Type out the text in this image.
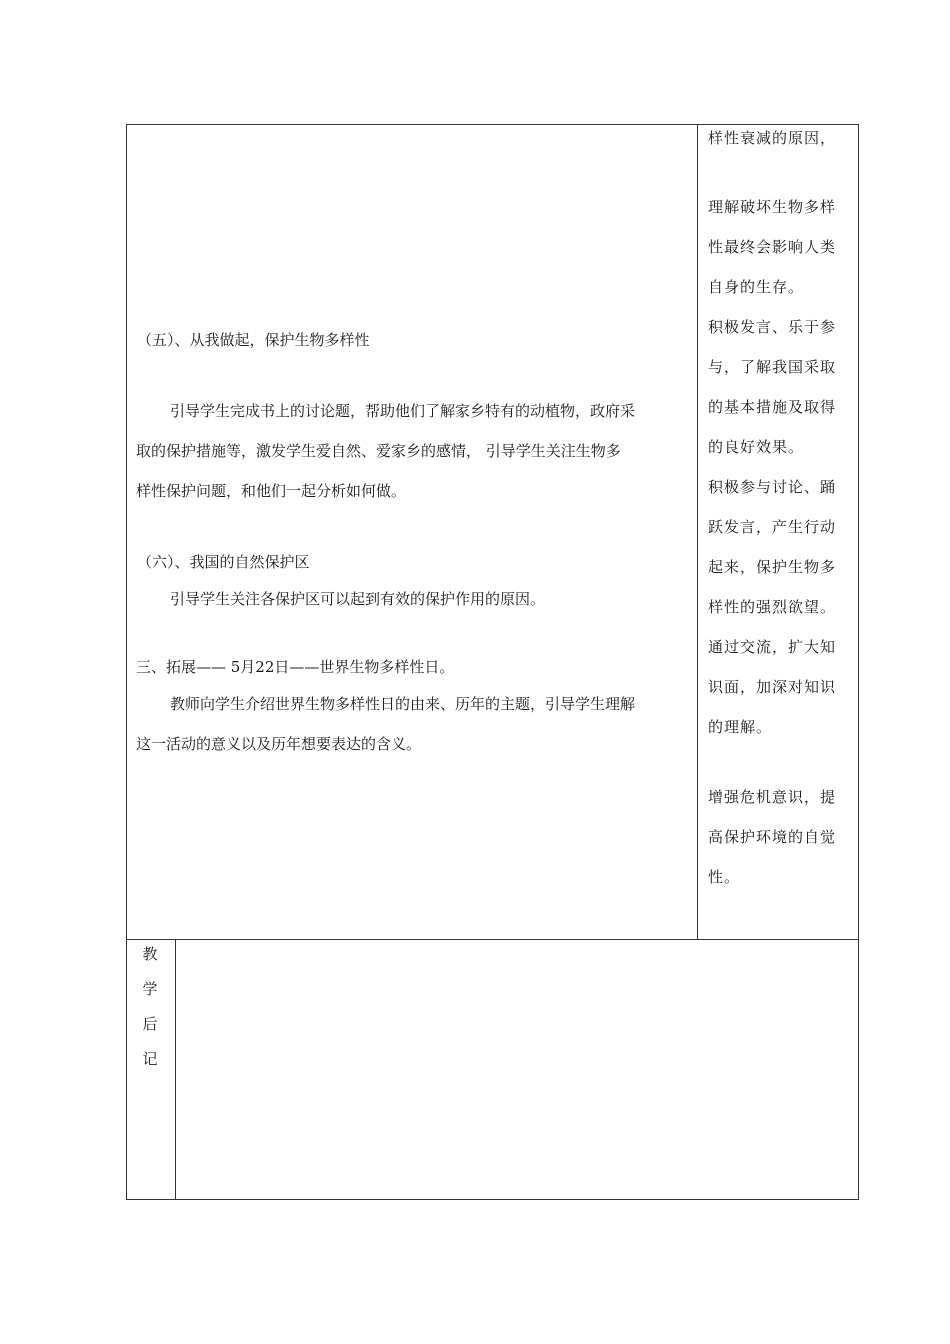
（五）、从我做起，保护生物多样性
引导学生完成书上的讨论题，帮助他们了解家乡特有的动植物，政府采
取的保护措施等，激发学生爱自然、爱家乡的感情， 引导学生关注生物多
样性保护问题，和他们一起分析如何做。
（六）、我国的自然保护区
引导学生关注各保护区可以起到有效的保护作用的原因。
三、拓展—— 5月22日——世界生物多样性日。
教师向学生介绍世界生物多样性日的由来、历年的主题，引导学生理解
这一活动的意义以及历年想要表达的含义。
样性衰减的原因，
理解破坏生物多样
性最终会影响人类
自身的生存。
积极发言、乐于参
与，了解我国采取
的基本措施及取得
的良好效果。
积极参与讨论、踊
跃发言，产生行动
起来，保护生物多
样性的强烈欲望。
通过交流，扩大知
识面，加深对知识
的理解。
增强危机意识，提
高保护环境的自觉
性。
教
学
后
记
